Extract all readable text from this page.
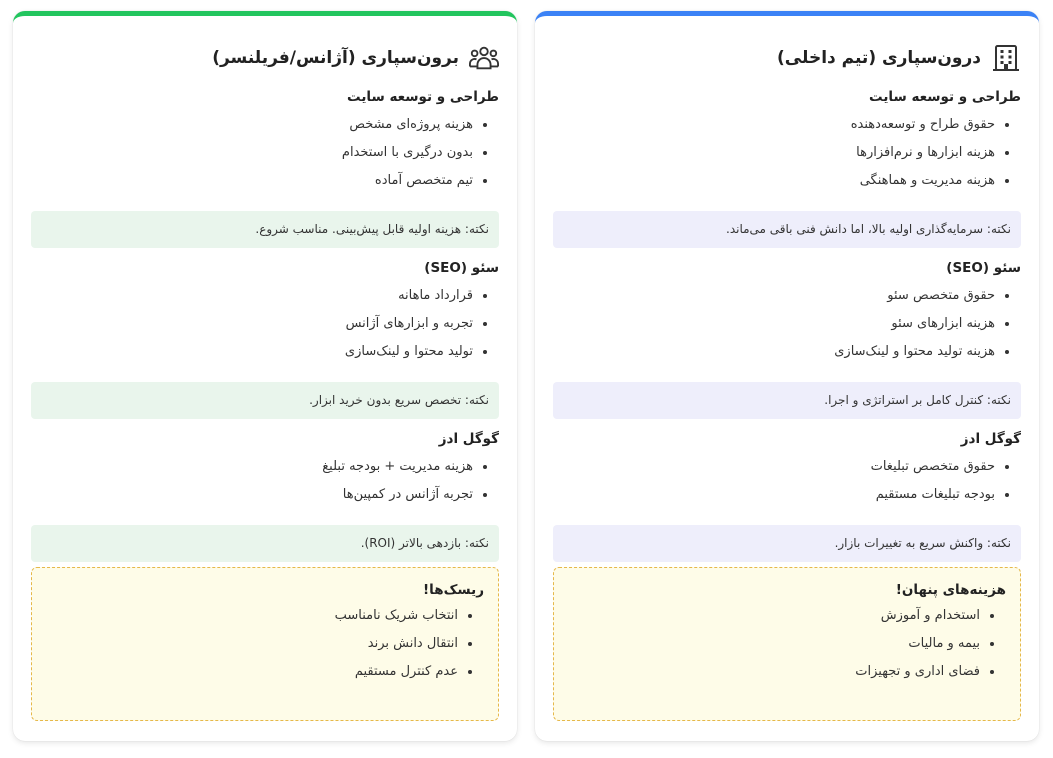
درون‌سپاری (تیم داخلی)
طراحی و توسعه سایت
• حقوق طراح و توسعه‌دهنده
• هزینه ابزارها و نرم‌افزارها
• هزینه مدیریت و هماهنگی
نکته: سرمایه‌گذاری اولیه بالا، اما دانش فنی باقی می‌ماند.
سئو (SEO)
• حقوق متخصص سئو
• هزینه ابزارهای سئو
• هزینه تولید محتوا و لینک‌سازی
نکته: کنترل کامل بر استراتژی و اجرا.
گوگل ادز
• حقوق متخصص تبلیغات
• بودجه تبلیغات مستقیم
نکته: واکنش سریع به تغییرات بازار.
هزینه‌های پنهان!
• استخدام و آموزش
• بیمه و مالیات
• فضای اداری و تجهیزات
برون‌سپاری (آژانس/فریلنسر)
طراحی و توسعه سایت
• هزینه پروژه‌ای مشخص
• بدون درگیری با استخدام
• تیم متخصص آماده
نکته: هزینه اولیه قابل پیش‌بینی. مناسب شروع.
سئو (SEO)
• قرارداد ماهانه
• تجربه و ابزارهای آژانس
• تولید محتوا و لینک‌سازی
نکته: تخصص سریع بدون خرید ابزار.
گوگل ادز
• هزینه مدیریت + بودجه تبلیغ
• تجربه آژانس در کمپین‌ها
نکته: بازدهی بالاتر (ROI).
ریسک‌ها!
• انتخاب شریک نامناسب
• انتقال دانش برند
• عدم کنترل مستقیم
